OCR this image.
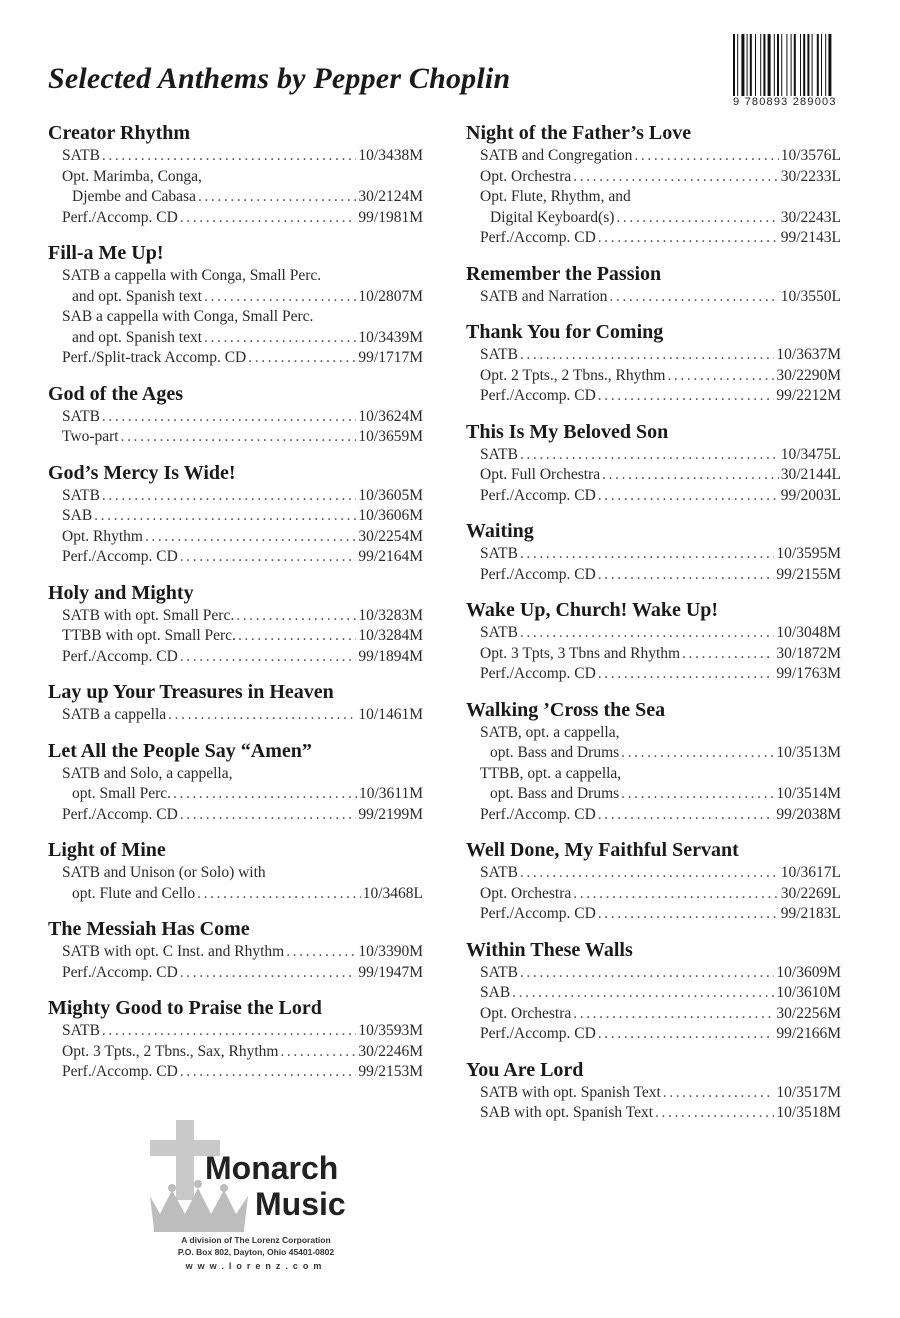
Selected Anthems by Pepper Choplin
9 780893 289003
Creator Rhythm
SATB .....	10/3438M
Opt. Marimba, Conga,
Djembe and Cabasa .....	30/2124M
Perf./Accomp. CD .....	99/1981M
Fill-a Me Up!
SATB a cappella with Conga, Small Perc.
and opt. Spanish text .....	10/2807M
SAB a cappella with Conga, Small Perc.
and opt. Spanish text .....	10/3439M
Perf./Split-track Accomp. CD .....	99/1717M
God of the Ages
SATB .....	10/3624M
Two-part .....	10/3659M
God’s Mercy Is Wide!
SATB .....	10/3605M
SAB .....	10/3606M
Opt. Rhythm .....	30/2254M
Perf./Accomp. CD .....	99/2164M
Holy and Mighty
SATB with opt. Small Perc. .....	10/3283M
TTBB with opt. Small Perc. .....	10/3284M
Perf./Accomp. CD .....	99/1894M
Lay up Your Treasures in Heaven
SATB a cappella .....	10/1461M
Let All the People Say “Amen”
SATB and Solo, a cappella,
opt. Small Perc. .....	10/3611M
Perf./Accomp. CD .....	99/2199M
Light of Mine
SATB and Unison (or Solo) with
opt. Flute and Cello .....	10/3468L
The Messiah Has Come
SATB with opt. C Inst. and Rhythm .....	10/3390M
Perf./Accomp. CD .....	99/1947M
Mighty Good to Praise the Lord
SATB .....	10/3593M
Opt. 3 Tpts., 2 Tbns., Sax, Rhythm .....	30/2246M
Perf./Accomp. CD .....	99/2153M
Night of the Father’s Love
SATB and Congregation .....	10/3576L
Opt. Orchestra .....	30/2233L
Opt. Flute, Rhythm, and
Digital Keyboard(s) .....	30/2243L
Perf./Accomp. CD .....	99/2143L
Remember the Passion
SATB and Narration .....	10/3550L
Thank You for Coming
SATB .....	10/3637M
Opt. 2 Tpts., 2 Tbns., Rhythm .....	30/2290M
Perf./Accomp. CD .....	99/2212M
This Is My Beloved Son
SATB .....	10/3475L
Opt. Full Orchestra .....	30/2144L
Perf./Accomp. CD .....	99/2003L
Waiting
SATB .....	10/3595M
Perf./Accomp. CD .....	99/2155M
Wake Up, Church! Wake Up!
SATB .....	10/3048M
Opt. 3 Tpts, 3 Tbns and Rhythm .....	30/1872M
Perf./Accomp. CD .....	99/1763M
Walking ’Cross the Sea
SATB, opt. a cappella,
opt. Bass and Drums .....	10/3513M
TTBB, opt. a cappella,
opt. Bass and Drums .....	10/3514M
Perf./Accomp. CD .....	99/2038M
Well Done, My Faithful Servant
SATB .....	10/3617L
Opt. Orchestra .....	30/2269L
Perf./Accomp. CD .....	99/2183L
Within These Walls
SATB .....	10/3609M
SAB .....	10/3610M
Opt. Orchestra .....	30/2256M
Perf./Accomp. CD .....	99/2166M
You Are Lord
SATB with opt. Spanish Text .....	10/3517M
SAB with opt. Spanish Text .....	10/3518M
Monarch
Music
A division of The Lorenz Corporation
P.O. Box 802, Dayton, Ohio 45401-0802
www.lorenz.com
